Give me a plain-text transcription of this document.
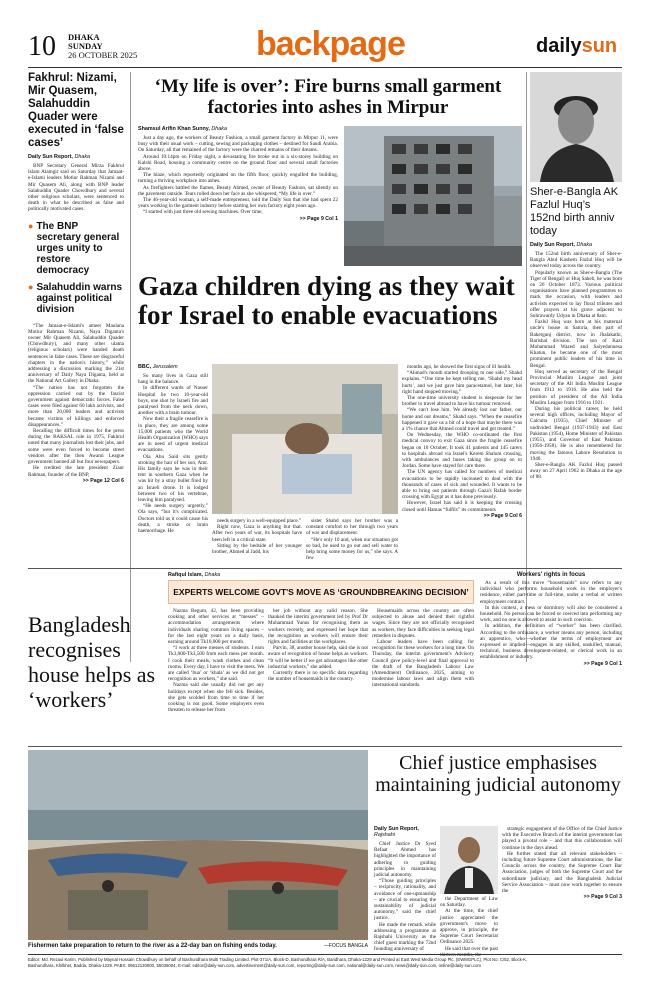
10 DHAKA
SUNDAY
26 OCTOBER 2025	backpage	dailysun
Fakhrul: Nizami, Mir Quasem, Salahuddin Quader were executed in ‘false cases’
Daily Sun Report, Dhaka

BNP Secretary General Mirza Fakhrul Islam Alamgir said on Saturday that Jamaat-e-Islami leaders Motiur Rahman Nizami and Mir Quasem Ali, along with BNP leader Salahuddin Quader Chowdhury and several other religious scholars, were sentenced to death in what he described as false and politically motivated cases.

● The BNP secretary general urges unity to restore democracy
● Salahuddin warns against political division

“The Jamaat-e-Islami's ameer Maulana Motiur Rahman Nizami, Naya Diganta's owner Mir Quasem Ali, Salahuddin Quader (Chowdhury), and many other ulama (religious scholars) were handed death sentences in false cases. These are disgraceful chapters in the nation's history,” while addressing a discussion marking the 21st anniversary of Daily Naya Diganta, held at the National Art Gallery in Dhaka.

“The nation has not forgotten the oppression carried out by the fascist government against democratic forces. False cases were filed against 60 lakh activists, and more than 20,000 leaders and activists became victims of killings and enforced disappearances.”

Recalling the difficult times for the press during the BAKSAL rule in 1975, Fakhrul noted that many journalists lost their jobs, and some were even forced to become street vendors after the then Awami League government banned all but four newspapers.

He credited the late president Ziaur Rahman, founder of the BNP,

>> Page 12 Col 6
‘My life is over’: Fire burns small garment factories into ashes in Mirpur
Shamsul Arifin Khan Sunny, Dhaka

Just a day ago, the workers of Beauty Fashion, a small garment factory in Mirpur 11, were busy with their usual work – cutting, sewing and packaging clothes – destined for Saudi Arabia. On Saturday, all that remained of the factory were the charred remains of their dreams.

Around 10:14pm on Friday night, a devastating fire broke out in a six-storey building on Kalshi Road, housing a community centre on the ground floor and several small factories above.

The blaze, which reportedly originated on the fifth floor, quickly engulfed the building, turning a thriving workplace into ashes.

As firefighters battled the flames, Beauty Ahmed, owner of Beauty Fashion, sat silently on the pavement outside. Tears rolled down her face as she whispered, “My life is over.”

The 46-year-old woman, a self-made entrepreneur, told the Daily Sun that she had spent 22 years working in the garment industry before starting her own factory eight years ago.

“I started with just three old sewing machines. Over time,

>> Page 9 Col 1
Sher-e-Bangla AK Fazlul Huq’s 152nd birth anniv today
Daily Sun Report, Dhaka

The 152nd birth anniversary of Sher-e-Bangla Abul Kashem Fazlul Huq will be observed today across the country.

Popularly known as Sher-e-Bangla (The Tiger of Bengal) or Huq Saheb, he was born on 26 October 1873. Various political organisations have planned programmes to mark the occasion, with leaders and activists expected to lay floral tributes and offer prayers at his grave adjacent to Suhrawardy Udyan in Dhaka at 8am.

Fazlul Huq was born at his maternal uncle's house in Saturia, then part of Bakerganj district, now in Jhalakathi, Barishal division. The son of Kazi Mohammad Wazed and Saiyedunnesa Khatun, he became one of the most prominent public leaders of his time in Bengal.

Huq served as secretary of the Bengal Provincial Muslim League and joint secretary of the All India Muslim League from 1913 to 1916. He also held the position of president of the All India Muslim League from 1916 to 1921.

During his political career, he held several high offices, including Mayor of Calcutta (1935), Chief Minister of undivided Bengal (1937-1943) and East Pakistan (1954), Home Minister of Pakistan (1955), and Governor of East Pakistan (1956-1958). He is also remembered for moving the famous Lahore Resolution in 1940.

Sher-e-Bangla AK Fazlul Huq passed away on 27 April 1962 in Dhaka at the age of 88.

Gaza children dying as they wait for Israel to enable evacuations
BBC, Jerusalem

So many lives in Gaza still hang in the balance.

In different wards of Nasser Hospital lie two 10-year-old boys, one shot by Israeli fire and paralysed from the neck down, another with a brain tumour.

Now their a fragile ceasefire is in place, they are among some 15,000 patients who the World Health Organization (WHO) says are in need of urgent medical evacuations.

Ola Abu Said sits gently stroking the hair of her son, Amr. His family says he was in their tent in southern Gaza when he was hit by a stray bullet fired by an Israeli drone. It is lodged between two of his vertebrae, leaving him paralysed.

“He needs surgery urgently,” Ola says, “but it's complicated. Doctors told us it could cause his death, a stroke or brain haemorrhage. He

needs surgery in a well-equipped place.”

Right now, Gaza is anything but that. After two years of war, its hospitals have been left in a critical state.

Sitting by the bedside of her younger brother, Ahmed al Jadd, his

sister Shahd says her brother was a constant comfort to her through two years of war and displacement.

“He's only 10 and, when our situation got so bad, he used to go out and sell water to help bring some money for us,” she says. A few

months ago, he showed the first signs of ill health.

“Ahmad's mouth started drooping to one side,” Shahd explains. “One time he kept telling me, ‘Shahd my head hurts’, and we just gave him paracetamol, but later, his right hand stopped moving.”

The one-time university student is desperate for her brother to travel abroad to have his tumour removed.

“We can't lose him. We already lost our father, our home and our dreams,” Shahd says. “When the ceasefire happened it gave us a bit of a hope that maybe there was a 1% chance that Ahmed could travel and get treated.”

On Wednesday, the WHO co-ordinated the first medical convoy to exit Gaza since the fragile ceasefire began on 10 October. It took 41 patients and 145 carers to hospitals abroad via Israel's Kerem Shalom crossing, with ambulances and buses taking the group on to Jordan. Some have stayed for care there.

The UN agency has called for numbers of medical evacuations to be rapidly increased to deal with the thousands of cases of sick and wounded. It wants to be able to bring out patients through Gaza's Rafah border crossing with Egypt as it has done previously.

However, Israel has said it is keeping the crossing closed until Hamas “fulfils” its commitments

>> Page 9 Col 6
Bangladesh recognises house helps as ‘workers’
Rafiqul Islam, Dhaka
EXPERTS WELCOME GOVT'S MOVE AS ‘GROUNDBREAKING DECISION’

Nazma Begum, 42, has been providing cooking and other services at “messes” – accommodation arrangements where individuals sharing common living spaces – for the last eight years on a daily basis, earning around Tk10,000 per month.

“I work at three messes of students. I earn Tk3,000-Tk3,500 from each mess per month. I cook their meals, wash clothes and clean rooms. Every day, I have to visit the mess. We are called ‘bua’ or ‘khala’ as we did not get recognition as workers,” she said.

Nazma said she usually did not get any holidays except when she fell sick. Besides, she gets scolded from time to time if her cooking is not good. Some employers even threaten to release her from

her job without any valid reason. She thanked the interim government led by Prof Dr Muhammad Yunus for recognising them as workers recently, and expressed her hope that the recognition as workers will ensure their rights and facilities at the workplaces.

Parvin, 38, another house help, said she is not aware of recognition of house helps as workers. “It will be better if we get advantages like other industrial workers,” she added.

Currently there is no specific data regarding the number of housemaids in the country.

Housemaids across the country are often subjected to abuse and denied their rightful wages. Since they are not officially recognised as workers, they face difficulties in seeking legal remedies in disputes.

Labour leaders have been calling for recognition for these workers for a long time. On Thursday, the interim government's Advisory Council gave policy-level and final approval to the draft of the Bangladesh Labour Law (Amendment) Ordinance, 2025, aiming to modernise labour laws and align them with international standards.

Workers' rights in focus

As a result of this move “housemaids” now refers to any individual who performs household work in the employer's residence, either part-time or full-time, under a verbal or written employment contract.

In this context, a mess or dormitory will also be considered a household. No person can be forced or coerced into performing any work, and no one is allowed to assist in such coercion.

In addition, the definition of “worker” has been clarified. According to the ordinance, a worker means any person, including an apprentice, who—whether the terms of employment are expressed or implied—engages in any skilled, unskilled, manual, technical, business development-related, or clerical work in an establishment or industry.

>> Page 9 Col 1
Fishermen take preparation to return to the river as a 22-day ban on fishing ends today.	—FOCUS BANGLA
Chief justice emphasises maintaining judicial autonomy
Daily Sun Report, Rajshahi

Chief Justice Dr Syed Refaat Ahmed has highlighted the importance of adhering to guiding principles in maintaining judicial autonomy.

“Those guiding principles – reciprocity, rationality, and avoidance of one-upmanship – are crucial to ensuring the sustainability of judicial autonomy,” said the chief justice.

He made the remark while addressing a programme at Rajshahi University as the chief guest marking the 72nd founding anniversary of

the Department of Law on Saturday.

At the time, the chief justice appreciated the government's move to approve, in principle, the Supreme Court Secretariat Ordinance 2025.

He said that over the past

strategic engagement of the Office of the Chief Justice with the Executive Branch of the interim government has played a pivotal role – and that this collaboration will continue in the days ahead.

He further stated that all relevant stakeholders – including future Supreme Court administrations, the Bar Councils across the country, the Supreme Court Bar Association, judges of both the Supreme Court and the subordinate judiciary, and the Bangladesh Judicial Service Association – must now work together to ensure the

>> Page 9 Col 3
Editor: Md. Rezaul Karim, Published by Maynal Hossain Chowdhury on behalf of Bashundhara Multi Trading Limited. Plot-371/A, Block-D, Bashundhara R/A, Baridhara, Dhaka-1229 and Printed at East West Media Group Plc. (EWMGPLC), Plot No: C/52, Block-K,
Bashundhara, Khilkhet, Badda, Dhaka-1229. PABX: 09612120000, 55036004, E-mail: editor@daily-sun.com, advertisement@daily-sun.com, reporting@daily-sun.com, national@daily-sun.com, news@daily-sun.com, online@daily-sun.com
